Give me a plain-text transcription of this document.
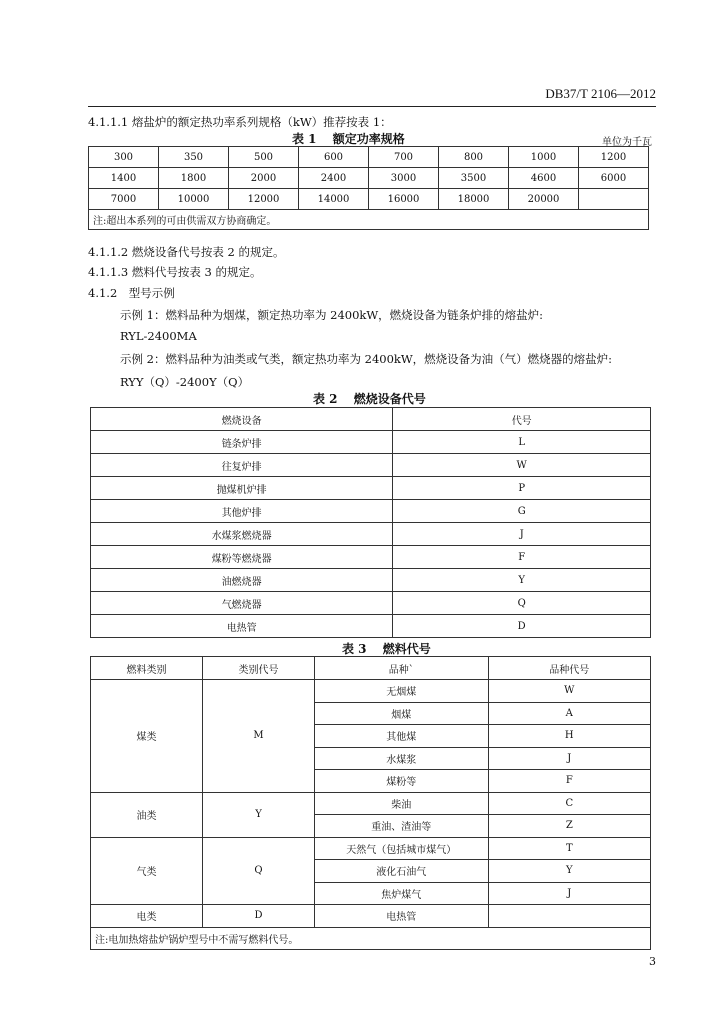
DB37/T 2106—2012
4.1.1.1 熔盐炉的额定热功率系列规格（kW）推荐按表 1：
表 1　 额定功率规格	单位为千瓦
300	350	500	600	700	800	1000	1200
1400	1800	2000	2400	3000	3500	4600	6000
7000	10000	12000	14000	16000	18000	20000	
注:超出本系列的可由供需双方协商确定。							
4.1.1.2 燃烧设备代号按表 2 的规定。
4.1.1.3 燃料代号按表 3 的规定。
4.1.2　型号示例
示例 1：燃料品种为烟煤，额定热功率为 2400kW，燃烧设备为链条炉排的熔盐炉:
RYL-2400MA
示例 2：燃料品种为油类或气类，额定热功率为 2400kW，燃烧设备为油（气）燃烧器的熔盐炉:
RYY（Q）-2400Y（Q）
表 2　 燃烧设备代号
燃烧设备	代号
链条炉排	L
往复炉排	W
抛煤机炉排	P
其他炉排	G
水煤浆燃烧器	J
煤粉等燃烧器	F
油燃烧器	Y
气燃烧器	Q
电热管	D
表 3　 燃料代号
燃料类别	类别代号	品种`	品种代号
煤类	M	无烟煤	W
		烟煤	A
		其他煤	H
		水煤浆	J
		煤粉等	F
油类	Y	柴油	C
		重油、渣油等	Z
气类	Q	天然气（包括城市煤气）	T
		液化石油气	Y
		焦炉煤气	J
电类	D	电热管	
注:电加热熔盐炉锅炉型号中不需写燃料代号。			
3
